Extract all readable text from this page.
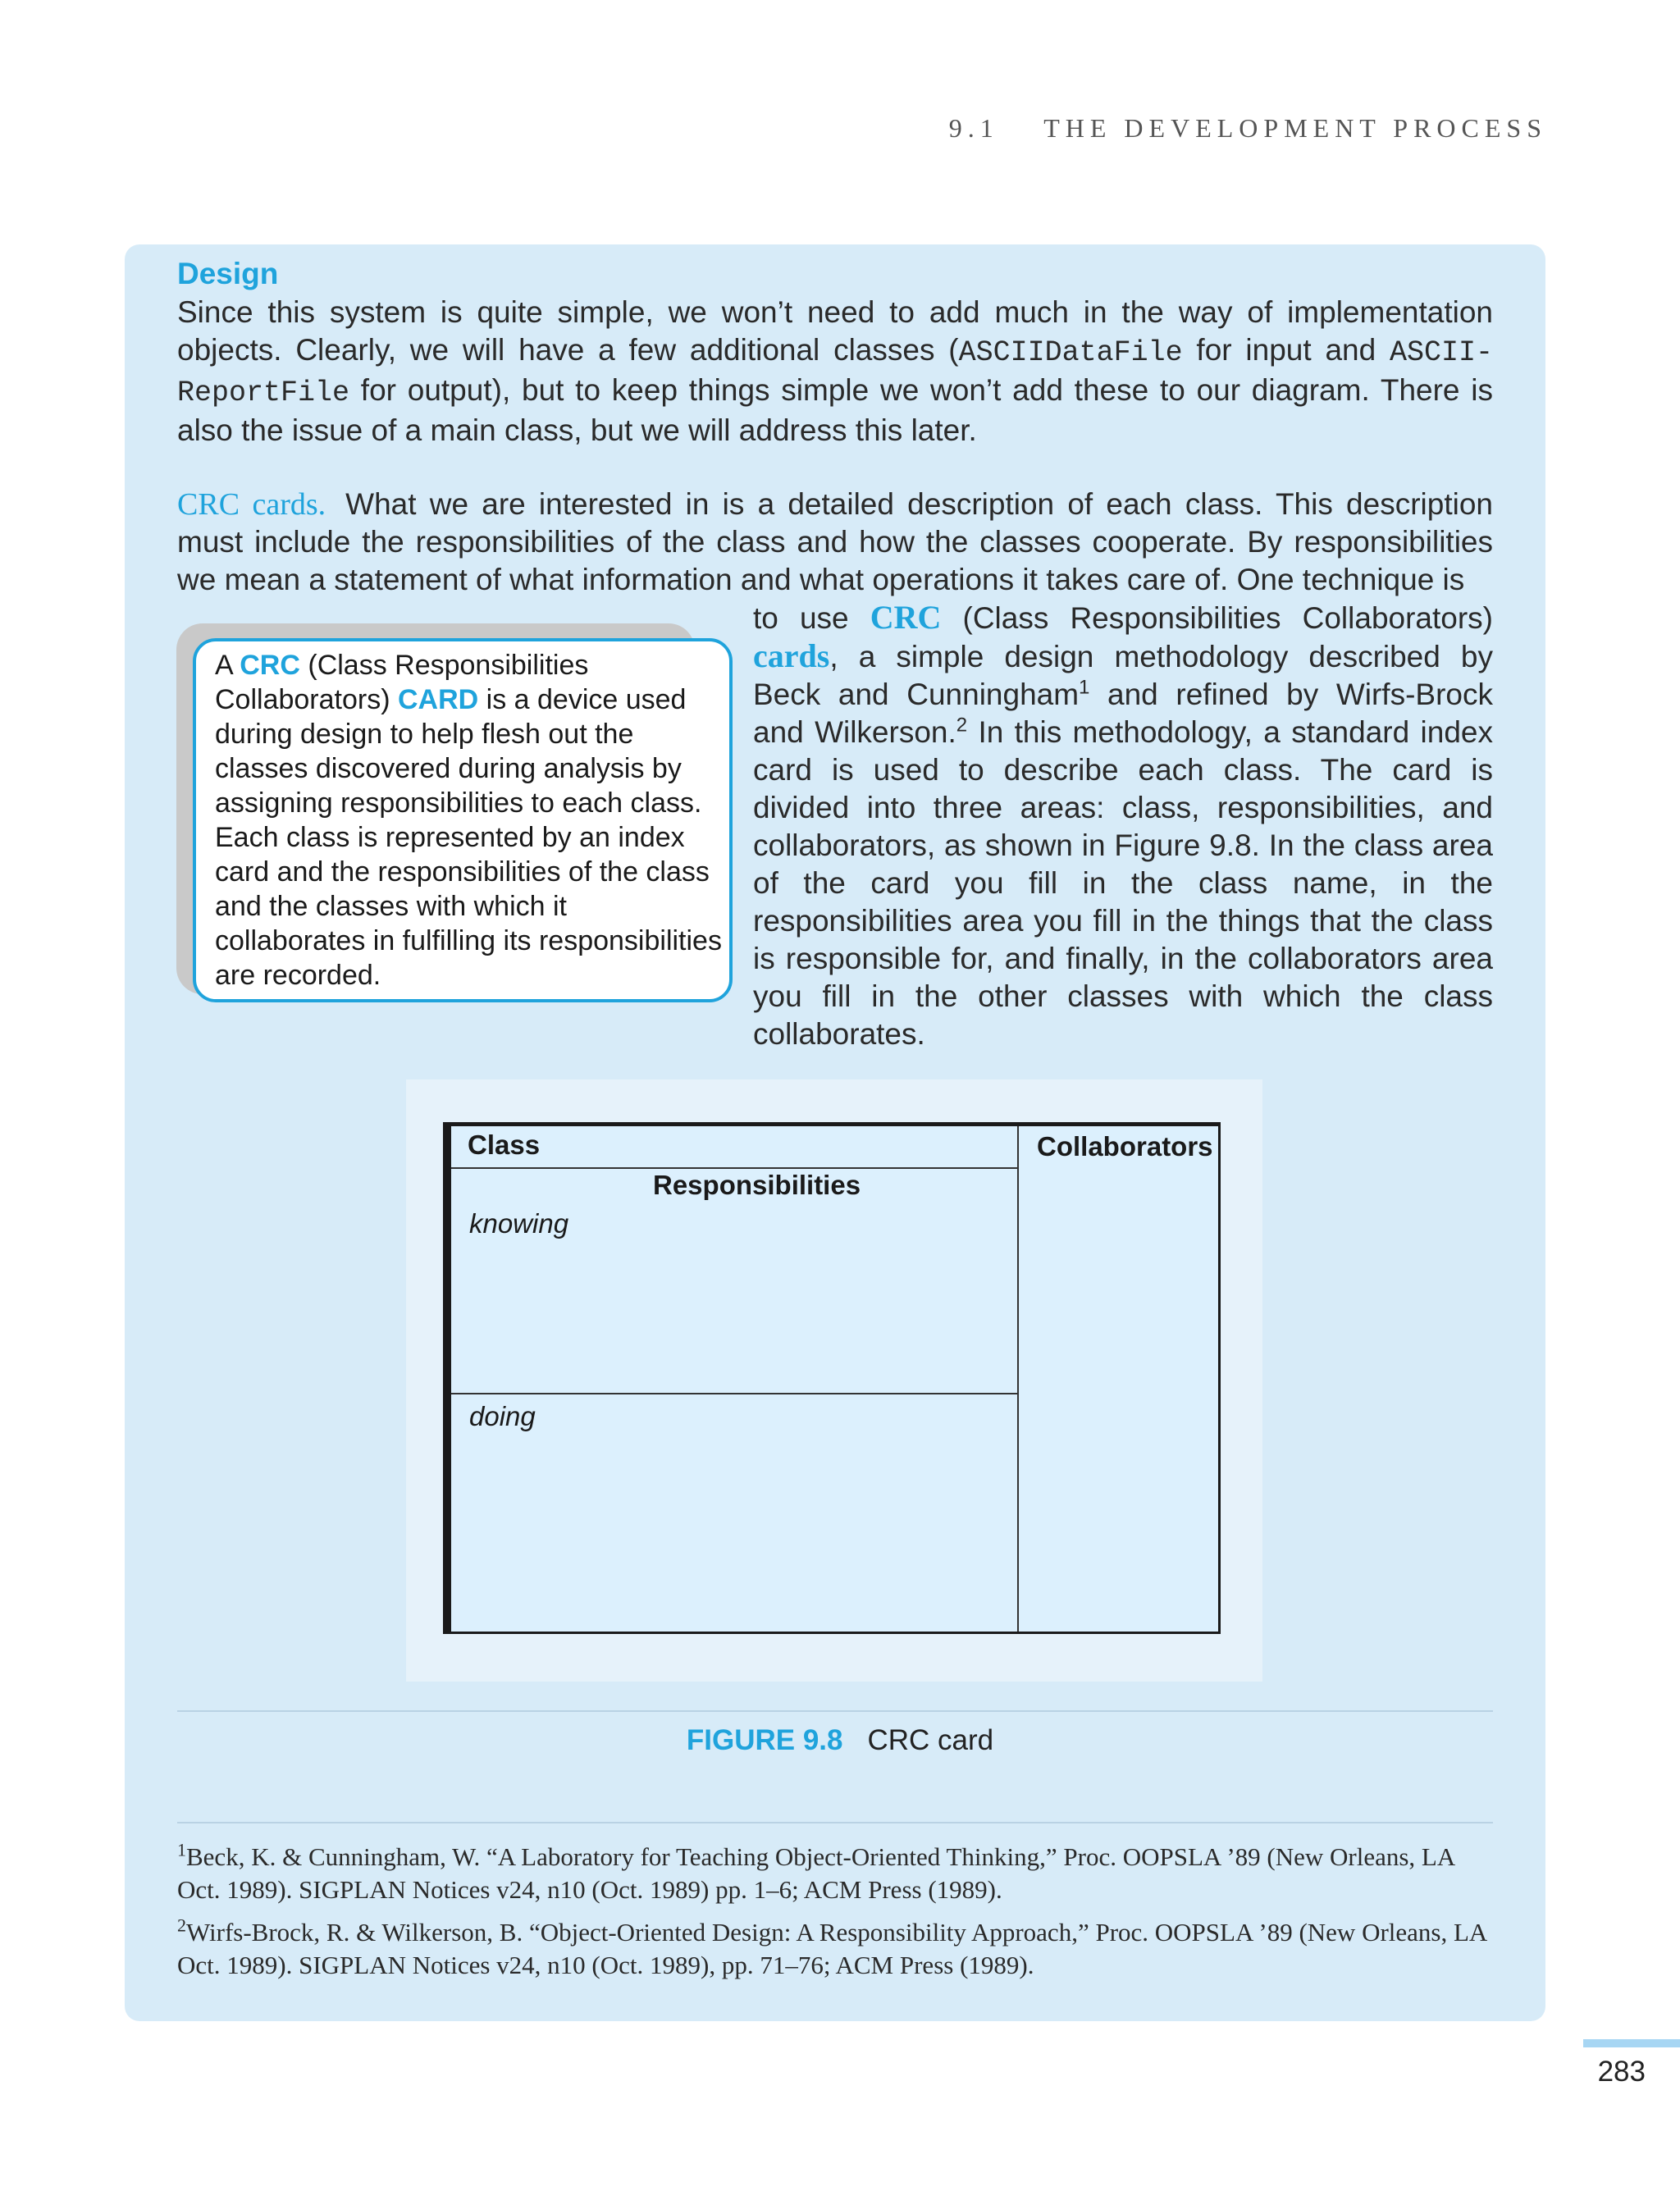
9.1 THE DEVELOPMENT PROCESS
Design
Since this system is quite simple, we won’t need to add much in the way of implementation objects. Clearly, we will have a few additional classes (ASCIIDataFile for input and ASCII-ReportFile for output), but to keep things simple we won’t add these to our diagram. There is also the issue of a main class, but we will address this later.
CRC cards. What we are interested in is a detailed description of each class. This description must include the responsibilities of the class and how the classes cooperate. By responsibilities we mean a statement of what information and what operations it takes care of. One technique is
to use CRC (Class Responsibilities Collaborators) cards, a simple design methodology described by Beck and Cunningham$^1$ and refined by Wirfs-Brock and Wilkerson.$^2$ In this methodology, a standard index card is used to describe each class. The card is divided into three areas: class, responsibilities, and collaborators, as shown in Figure 9.8. In the class area of the card you fill in the class name, in the responsibilities area you fill in the things that the class is responsible for, and finally, in the collaborators area you fill in the other classes with which the class collaborates.
A CRC (Class Responsibilities Collaborators) CARD is a device used during design to help flesh out the classes discovered during analysis by assigning responsibilities to each class. Each class is represented by an index card and the responsibilities of the class and the classes with which it collaborates in fulfilling its responsibilities are recorded.
Class	Collaborators
Responsibilities
knowing
doing
FIGURE 9.8 CRC card
$^1$Beck, K. & Cunningham, W. “A Laboratory for Teaching Object-Oriented Thinking,” Proc. OOPSLA ’89 (New Orleans, LA Oct. 1989). SIGPLAN Notices v24, n10 (Oct. 1989) pp. 1–6; ACM Press (1989).
$^2$Wirfs-Brock, R. & Wilkerson, B. “Object-Oriented Design: A Responsibility Approach,” Proc. OOPSLA ’89 (New Orleans, LA Oct. 1989). SIGPLAN Notices v24, n10 (Oct. 1989), pp. 71–76; ACM Press (1989).
283
